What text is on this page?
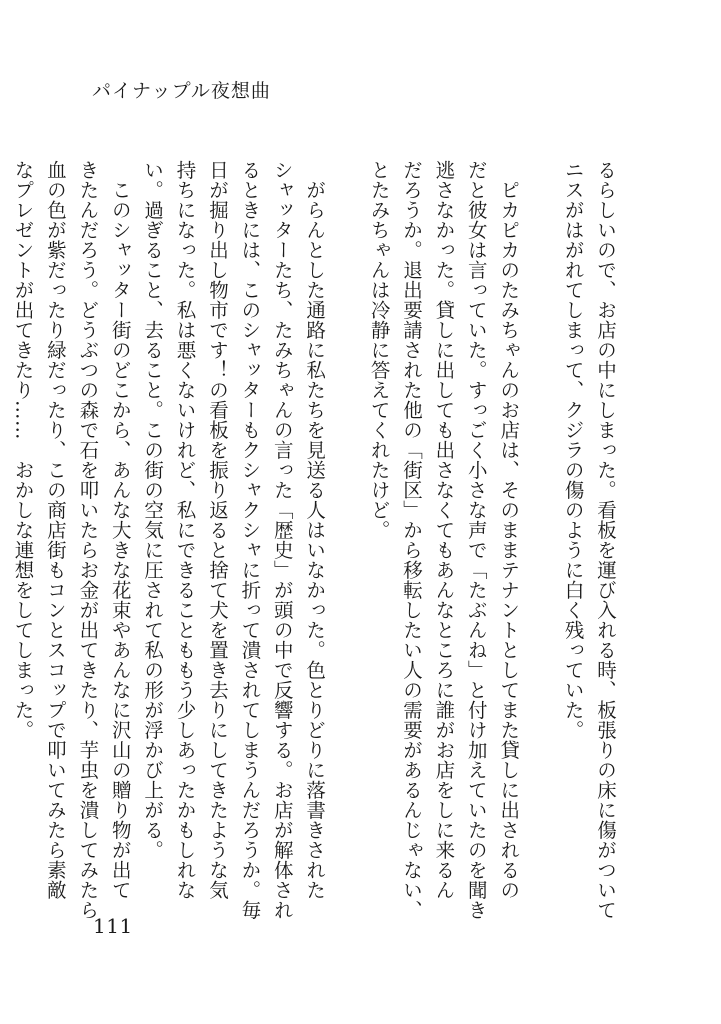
パイナップル夜想曲
るらしいので、お店の中にしまった。看板を運び入れる時、板張りの床に傷がついて
ニスがはがれてしまって、クジラの傷のように白く残っていた。
　ピカピカのたみちゃんのお店は、そのままテナントとしてまた貸しに出されるの
だと彼女は言っていた。すっごく小さな声で「たぶんね」と付け加えていたのを聞き
逃さなかった。貸しに出しても出さなくてもあんなところに誰がお店をしに来るん
だろうか。退出要請された他の「街区」から移転したい人の需要があるんじゃない、
とたみちゃんは冷静に答えてくれたけど。
　がらんとした通路に私たちを見送る人はいなかった。色とりどりに落書きされた
シャッターたち、たみちゃんの言った「歴史」が頭の中で反響する。お店が解体され
るときには、このシャッターもクシャクシャに折って潰されてしまうんだろうか。毎
日が掘り出し物市です！の看板を振り返ると捨て犬を置き去りにしてきたような気
持ちになった。私は悪くないけれど、私にできることももう少しあったかもしれな
い。過ぎること、去ること。この街の空気に圧されて私の形が浮かび上がる。
　このシャッター街のどこから、あんな大きな花束やあんなに沢山の贈り物が出て
きたんだろう。どうぶつの森で石を叩いたらお金が出てきたり、芋虫を潰してみたら
血の色が紫だったり緑だったり、この商店街もコンとスコップで叩いてみたら素敵
なプレゼントが出てきたり……　おかしな連想をしてしまった。
111
